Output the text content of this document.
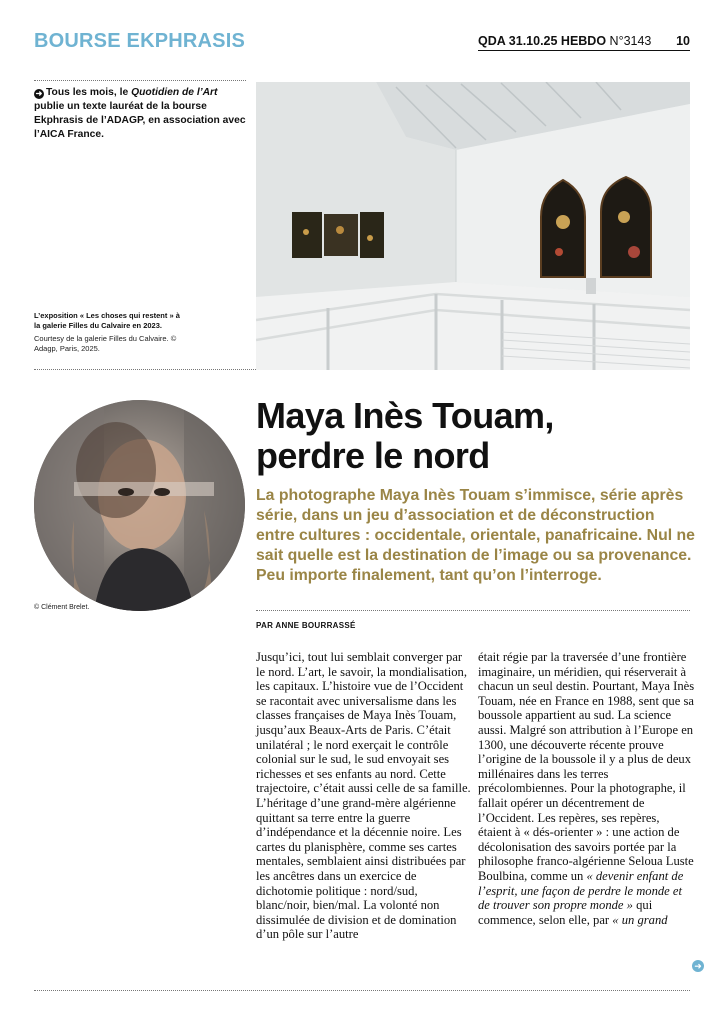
BOURSE EKPHRASIS	QDA 31.10.25 HEBDO N°3143 10
➜ Tous les mois, le Quotidien de l’Art publie un texte lauréat de la bourse Ekphrasis de l’ADAGP, en association avec l’AICA France.
L’exposition « Les choses qui restent » à la galerie Filles du Calvaire en 2023.
Courtesy de la galerie Filles du Calvaire. © Adagp, Paris, 2025.
© Clément Brelet.
Maya Inès Touam,
perdre le nord
La photographe Maya Inès Touam s’immisce, série après série, dans un jeu d’association et de déconstruction entre cultures : occidentale, orientale, panafricaine. Nul ne sait quelle est la destination de l’image ou sa provenance. Peu importe finalement, tant qu’on l’interroge.
PAR ANNE BOURRASSÉ

Jusqu’ici, tout lui semblait converger par le nord. L’art, le savoir, la mondialisation, les capitaux. L’histoire vue de l’Occident se racontait avec universalisme dans les classes françaises de Maya Inès Touam, jusqu’aux Beaux-Arts de Paris. C’était unilatéral ; le nord exerçait le contrôle colonial sur le sud, le sud envoyait ses richesses et ses enfants au nord. Cette trajectoire, c’était aussi celle de sa famille. L’héritage d’une grand-mère algérienne quittant sa terre entre la guerre d’indépendance et la décennie noire. Les cartes du planisphère, comme ses cartes mentales, semblaient ainsi distribuées par les ancêtres dans un exercice de dichotomie politique : nord/sud, blanc/noir, bien/mal. La volonté non dissimulée de division et de domination d’un pôle sur l’autre

était régie par la traversée d’une frontière imaginaire, un méridien, qui réserverait à chacun un seul destin. Pourtant, Maya Inès Touam, née en France en 1988, sent que sa boussole appartient au sud. La science aussi. Malgré son attribution à l’Europe en 1300, une découverte récente prouve l’origine de la boussole il y a plus de deux millénaires dans les terres précolombiennes. Pour la photographe, il fallait opérer un décentrement de l’Occident. Les repères, ses repères, étaient à « dés-orienter » : une action de décolonisation des savoirs portée par la philosophe franco-algérienne Seloua Luste Boulbina, comme un « devenir enfant de l’esprit, une façon de perdre le monde et de trouver son propre monde » qui commence, selon elle, par « un grand

➜
